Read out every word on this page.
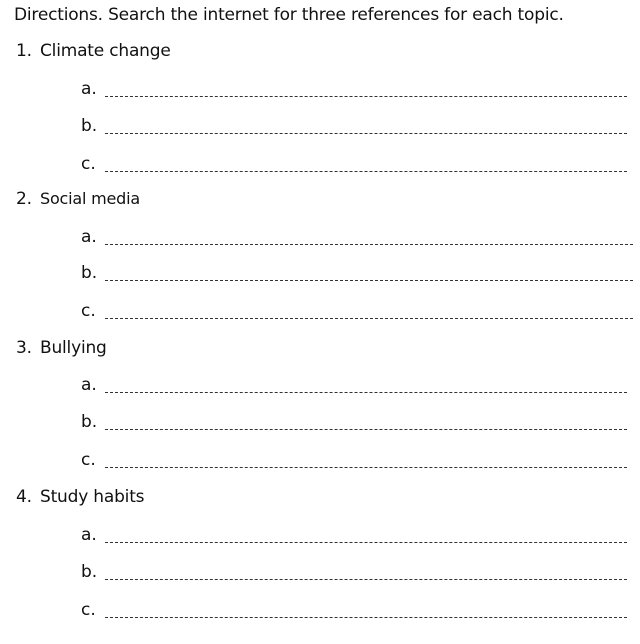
Directions. Search the internet for three references for each topic.
1. Climate change
a.
b.
c.
2. Social media
a.
b.
c.
3. Bullying
a.
b.
c.
4. Study habits
a.
b.
c.
